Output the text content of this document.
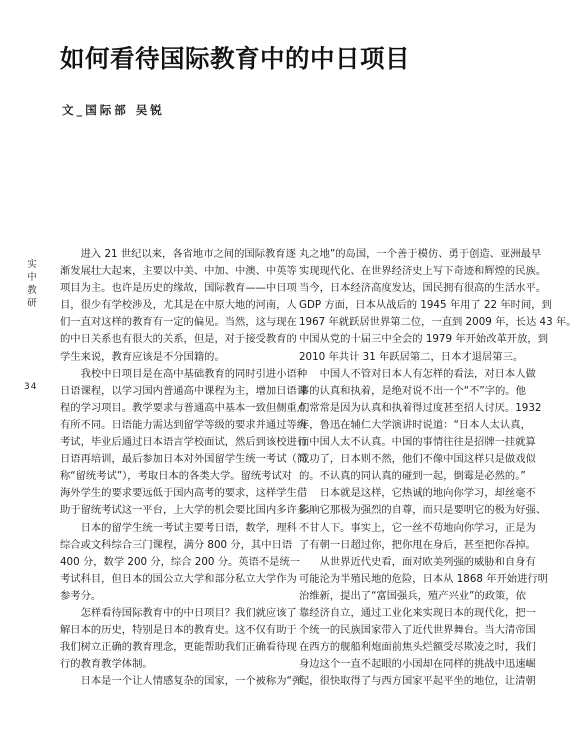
如何看待国际教育中的中日项目
文_国际部 吴锐
实
中
教
研
34
进入 21 世纪以来，各省地市之间的国际教育逐
渐发展壮大起来，主要以中美、中加、中澳、中英等
项目为主。也许是历史的缘故，国际教育——中日项
目，很少有学校涉及，尤其是在中原大地的河南，人
们一直对这样的教育有一定的偏见。当然，这与现在
的中日关系也有很大的关系，但是，对于接受教育的
学生来说，教育应该是不分国籍的。
我校中日项目是在高中基础教育的同时引进小语种
日语课程，以学习国内普通高中课程为主，增加日语课
程的学习项目。教学要求与普通高中基本一致但侧重点
有所不同。日语能力需达到留学等级的要求并通过等级
考试，毕业后通过日本语言学校面试，然后到该校进行
日语再培训，最后参加日本对外国留学生统一考试（简
称“留统考试”），考取日本的各类大学。留统考试对
海外学生的要求要远低于国内高考的要求，这样学生借
助于留统考试这一平台，上大学的机会要比国内多许多。
日本的留学生统一考试主要考日语，数学，理科
综合或文科综合三门课程，满分 800 分，其中日语
400 分，数学 200 分，综合 200 分。英语不是统一
考试科目，但日本的国公立大学和部分私立大学作为
参考分。
怎样看待国际教育中的中日项目？我们就应该了
解日本的历史，特别是日本的教育史。这不仅有助于
我们树立正确的教育理念，更能帮助我们正确看待现
行的教育教学体制。
日本是一个让人情感复杂的国家，一个被称为“弹
丸之地”的岛国，一个善于模仿、勇于创造、亚洲最早
实现现代化、在世界经济史上写下奇迹和辉煌的民族。
当今，日本经济高度发达，国民拥有很高的生活水平。
GDP 方面，日本从战后的 1945 年用了 22 年时间，到
1967 年就跃居世界第二位，一直到 2009 年，长达 43 年。
中国从党的十届三中全会的 1979 年开始改革开放，到
2010 年共计 31 年跃居第二，日本才退居第三。
中国人不管对日本人有怎样的看法，对日本人做
事的认真和执着，是绝对说不出一个“不”字的。他
们常常是因为认真和执着得过度甚至招人讨厌。1932
年，鲁迅在辅仁大学演讲时说道：“日本人太认真，
而中国人太不认真。中国的事情往往是招牌一挂就算
成功了，日本则不然，他们不像中国这样只是做戏似
的。不认真的同认真的碰到一起，倒霉是必然的。”
日本就是这样，它热诚的地向你学习，却丝毫不
影响它那极为强烈的自尊，而只是要明它的极为好强、
不甘人下。事实上，它一丝不苟地向你学习，正是为
了有朝一日超过你，把你甩在身后，甚至把你吞掉。
从世界近代史看，面对欧美列强的威胁和自身有
可能沦为半殖民地的危险，日本从 1868 年开始进行明
治维新，提出了“富国强兵，殖产兴业”的政策，依
靠经济自立，通过工业化来实现日本的现代化，把一
个统一的民族国家带入了近代世界舞台。当大清帝国
在西方的舰船利炮面前焦头烂额受尽欺凌之时，我们
身边这个一直不起眼的小国却在同样的挑战中迅速崛
起，很快取得了与西方国家平起平坐的地位，让清朝
